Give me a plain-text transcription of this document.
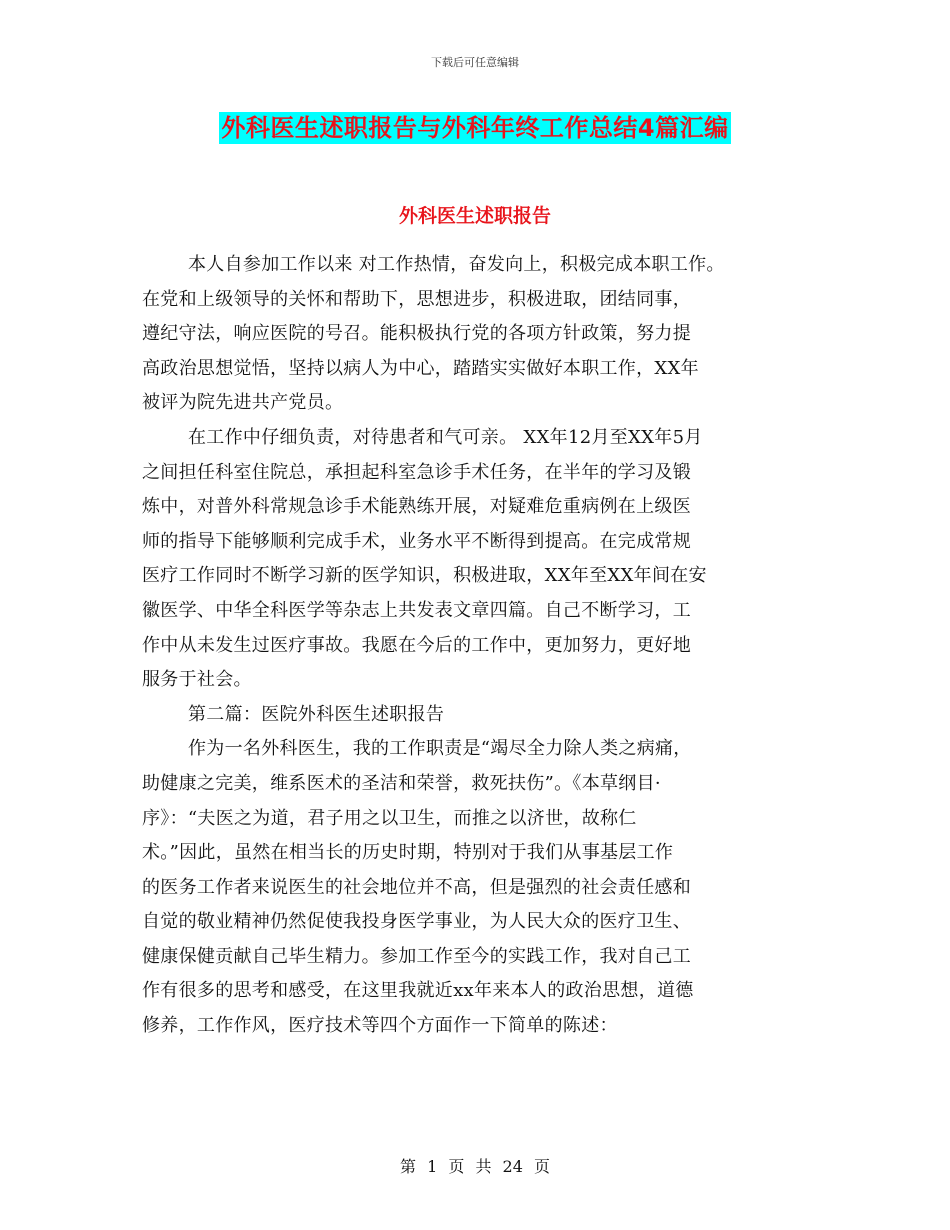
下载后可任意编辑
外科医生述职报告与外科年终工作总结4篇汇编
外科医生述职报告
本人自参加工作以来 对工作热情，奋发向上，积极完成本职工作。
在党和上级领导的关怀和帮助下，思想进步，积极进取，团结同事，
遵纪守法，响应医院的号召。能积极执行党的各项方针政策，努力提
高政治思想觉悟，坚持以病人为中心，踏踏实实做好本职工作，XX年
被评为院先进共产党员。
在工作中仔细负责，对待患者和气可亲。 XX年12月至XX年5月
之间担任科室住院总，承担起科室急诊手术任务，在半年的学习及锻
炼中，对普外科常规急诊手术能熟练开展，对疑难危重病例在上级医
师的指导下能够顺利完成手术，业务水平不断得到提高。在完成常规
医疗工作同时不断学习新的医学知识，积极进取，XX年至XX年间在安
徽医学、中华全科医学等杂志上共发表文章四篇。自己不断学习，工
作中从未发生过医疗事故。我愿在今后的工作中，更加努力，更好地
服务于社会。
第二篇：医院外科医生述职报告
作为一名外科医生，我的工作职责是“竭尽全力除人类之病痛，
助健康之完美，维系医术的圣洁和荣誉，救死扶伤”。《本草纲目·
序》：“夫医之为道，君子用之以卫生，而推之以济世，故称仁
术。”因此，虽然在相当长的历史时期，特别对于我们从事基层工作
的医务工作者来说医生的社会地位并不高，但是强烈的社会责任感和
自觉的敬业精神仍然促使我投身医学事业，为人民大众的医疗卫生、
健康保健贡献自己毕生精力。参加工作至今的实践工作，我对自己工
作有很多的思考和感受，在这里我就近xx年来本人的政治思想，道德
修养，工作作风，医疗技术等四个方面作一下简单的陈述：
第 1 页 共 24 页
